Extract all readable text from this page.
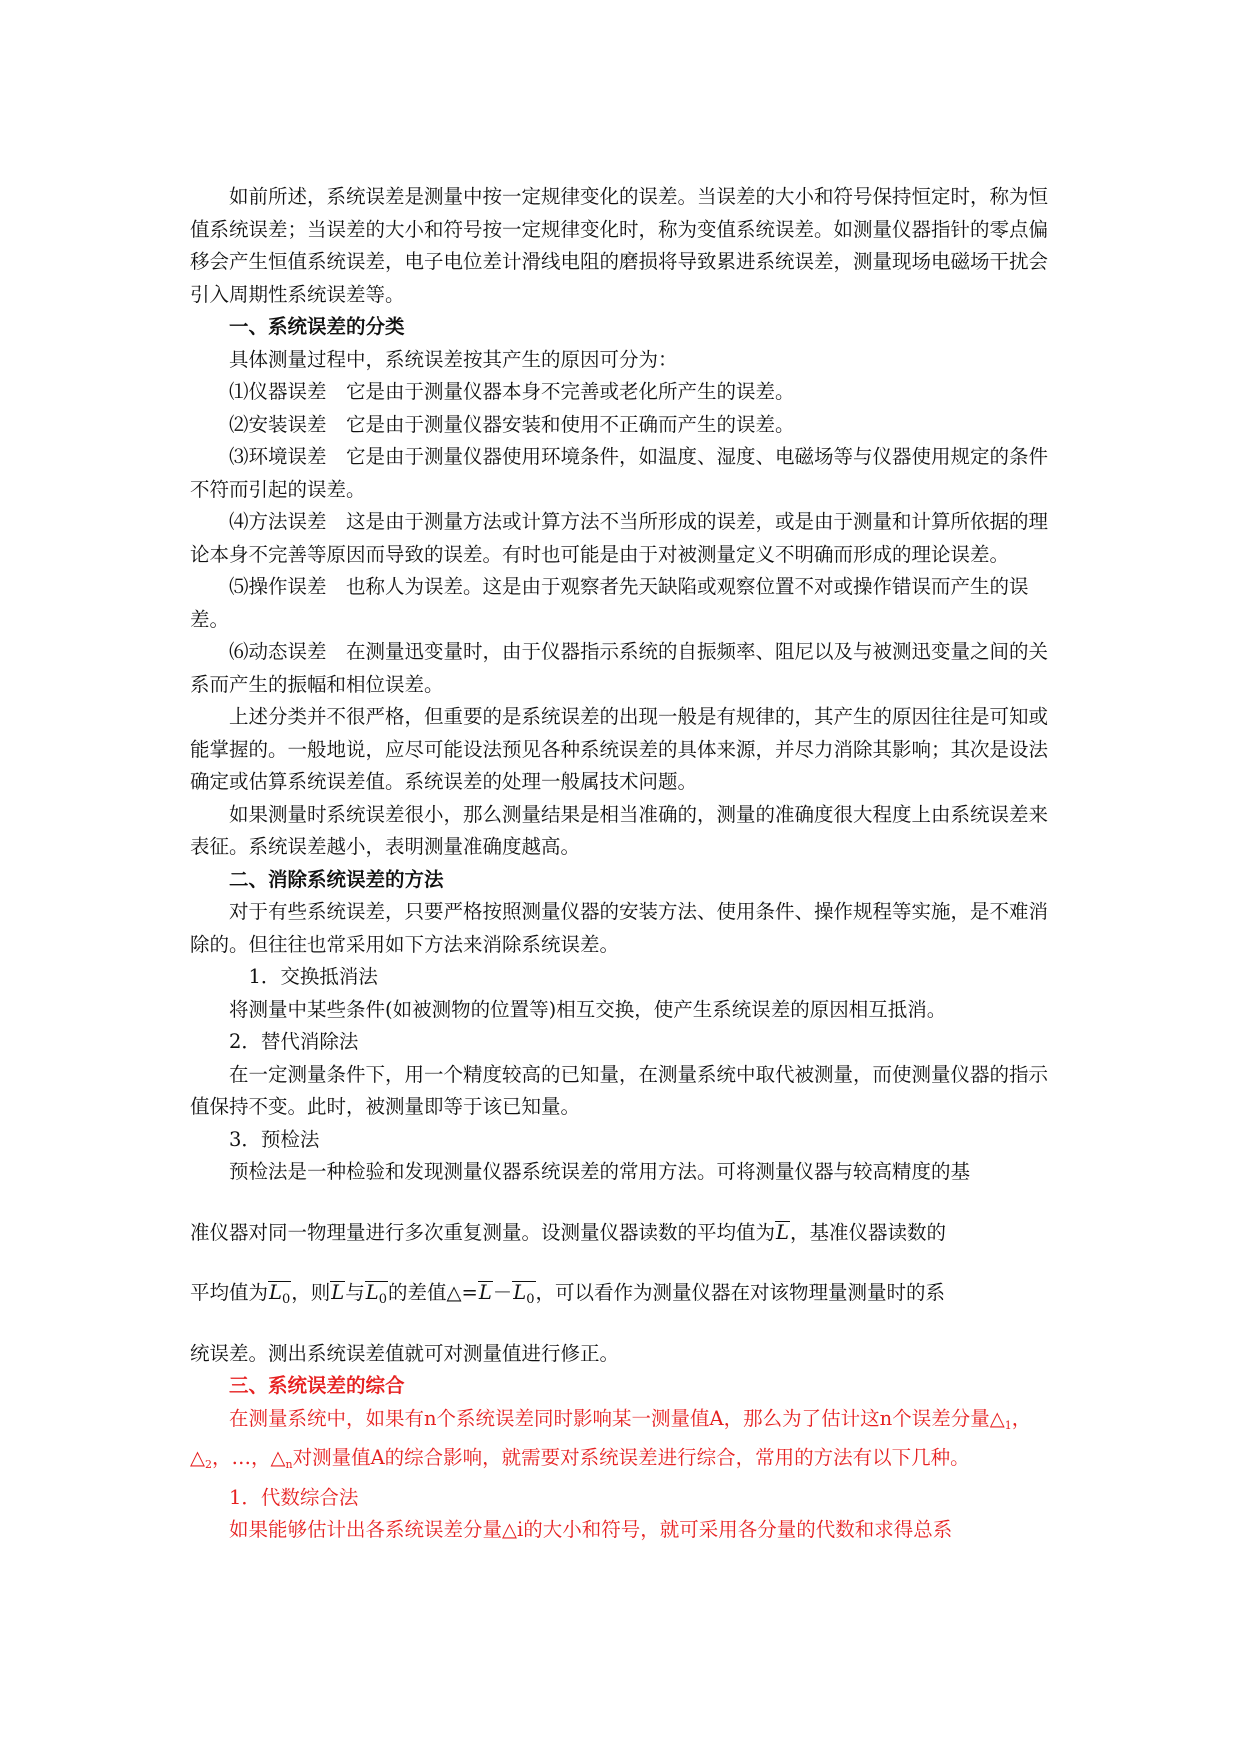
如前所述，系统误差是测量中按一定规律变化的误差。当误差的大小和符号保持恒定时，称为恒值系统误差；当误差的大小和符号按一定规律变化时，称为变值系统误差。如测量仪器指针的零点偏移会产生恒值系统误差，电子电位差计滑线电阻的磨损将导致累进系统误差，测量现场电磁场干扰会引入周期性系统误差等。

一、系统误差的分类

具体测量过程中，系统误差按其产生的原因可分为：

⑴仪器误差　它是由于测量仪器本身不完善或老化所产生的误差。

⑵安装误差　它是由于测量仪器安装和使用不正确而产生的误差。

⑶环境误差　它是由于测量仪器使用环境条件，如温度、湿度、电磁场等与仪器使用规定的条件不符而引起的误差。

⑷方法误差　这是由于测量方法或计算方法不当所形成的误差，或是由于测量和计算所依据的理论本身不完善等原因而导致的误差。有时也可能是由于对被测量定义不明确而形成的理论误差。

⑸操作误差　也称人为误差。这是由于观察者先天缺陷或观察位置不对或操作错误而产生的误差。

⑹动态误差　在测量迅变量时，由于仪器指示系统的自振频率、阻尼以及与被测迅变量之间的关系而产生的振幅和相位误差。

上述分类并不很严格，但重要的是系统误差的出现一般是有规律的，其产生的原因往往是可知或能掌握的。一般地说，应尽可能设法预见各种系统误差的具体来源，并尽力消除其影响；其次是设法确定或估算系统误差值。系统误差的处理一般属技术问题。

如果测量时系统误差很小，那么测量结果是相当准确的，测量的准确度很大程度上由系统误差来表征。系统误差越小，表明测量准确度越高。

二、消除系统误差的方法

对于有些系统误差，只要严格按照测量仪器的安装方法、使用条件、操作规程等实施，是不难消除的。但往往也常采用如下方法来消除系统误差。

1．交换抵消法

将测量中某些条件(如被测物的位置等)相互交换，使产生系统误差的原因相互抵消。

2．替代消除法

在一定测量条件下，用一个精度较高的已知量，在测量系统中取代被测量，而使测量仪器的指示值保持不变。此时，被测量即等于该已知量。

3．预检法

预检法是一种检验和发现测量仪器系统误差的常用方法。可将测量仪器与较高精度的基

准仪器对同一物理量进行多次重复测量。设测量仪器读数的平均值为L，基准仪器读数的

平均值为$L_0$，则L与$L_0$的差值$\triangle=L-L_0$，可以看作为测量仪器在对该物理量测量时的系

统误差。测出系统误差值就可对测量值进行修正。

三、系统误差的综合

在测量系统中，如果有n个系统误差同时影响某一测量值A，那么为了估计这n个误差分量$\triangle_1$，$\triangle_2$，…，$\triangle_n$对测量值A的综合影响，就需要对系统误差进行综合，常用的方法有以下几种。

1．代数综合法

如果能够估计出各系统误差分量△i的大小和符号，就可采用各分量的代数和求得总系
